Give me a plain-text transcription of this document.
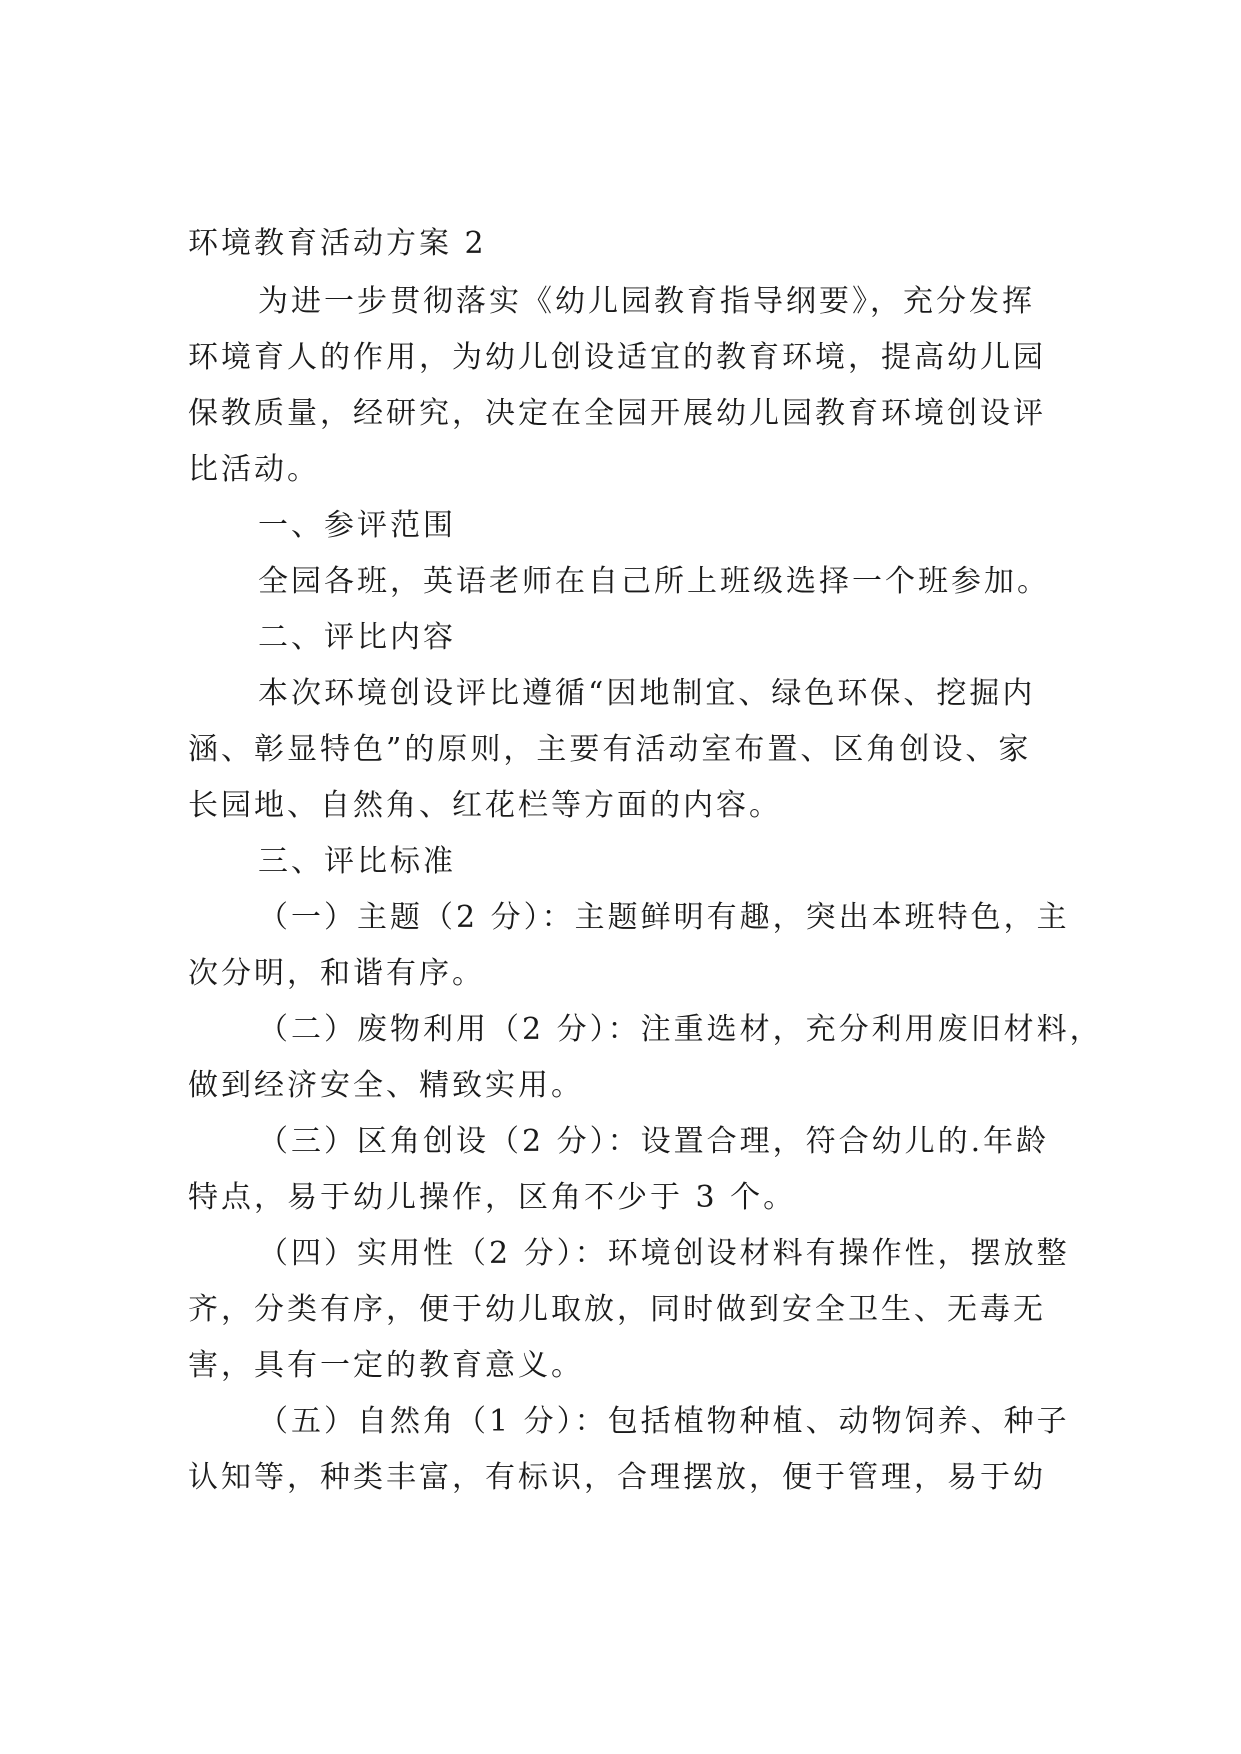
环境教育活动方案 2
为进一步贯彻落实《幼儿园教育指导纲要》，充分发挥
环境育人的作用，为幼儿创设适宜的教育环境，提高幼儿园
保教质量，经研究，决定在全园开展幼儿园教育环境创设评
比活动。
一、参评范围
全园各班，英语老师在自己所上班级选择一个班参加。
二、评比内容
本次环境创设评比遵循“因地制宜、绿色环保、挖掘内
涵、彰显特色”的原则，主要有活动室布置、区角创设、家
长园地、自然角、红花栏等方面的内容。
三、评比标准
（一）主题（2 分）：主题鲜明有趣，突出本班特色，主
次分明，和谐有序。
（二）废物利用（2 分）：注重选材，充分利用废旧材料，
做到经济安全、精致实用。
（三）区角创设（2 分）：设置合理，符合幼儿的.年龄
特点，易于幼儿操作，区角不少于 3 个。
（四）实用性（2 分）：环境创设材料有操作性，摆放整
齐，分类有序，便于幼儿取放，同时做到安全卫生、无毒无
害，具有一定的教育意义。
（五）自然角（1 分）：包括植物种植、动物饲养、种子
认知等，种类丰富，有标识，合理摆放，便于管理，易于幼
